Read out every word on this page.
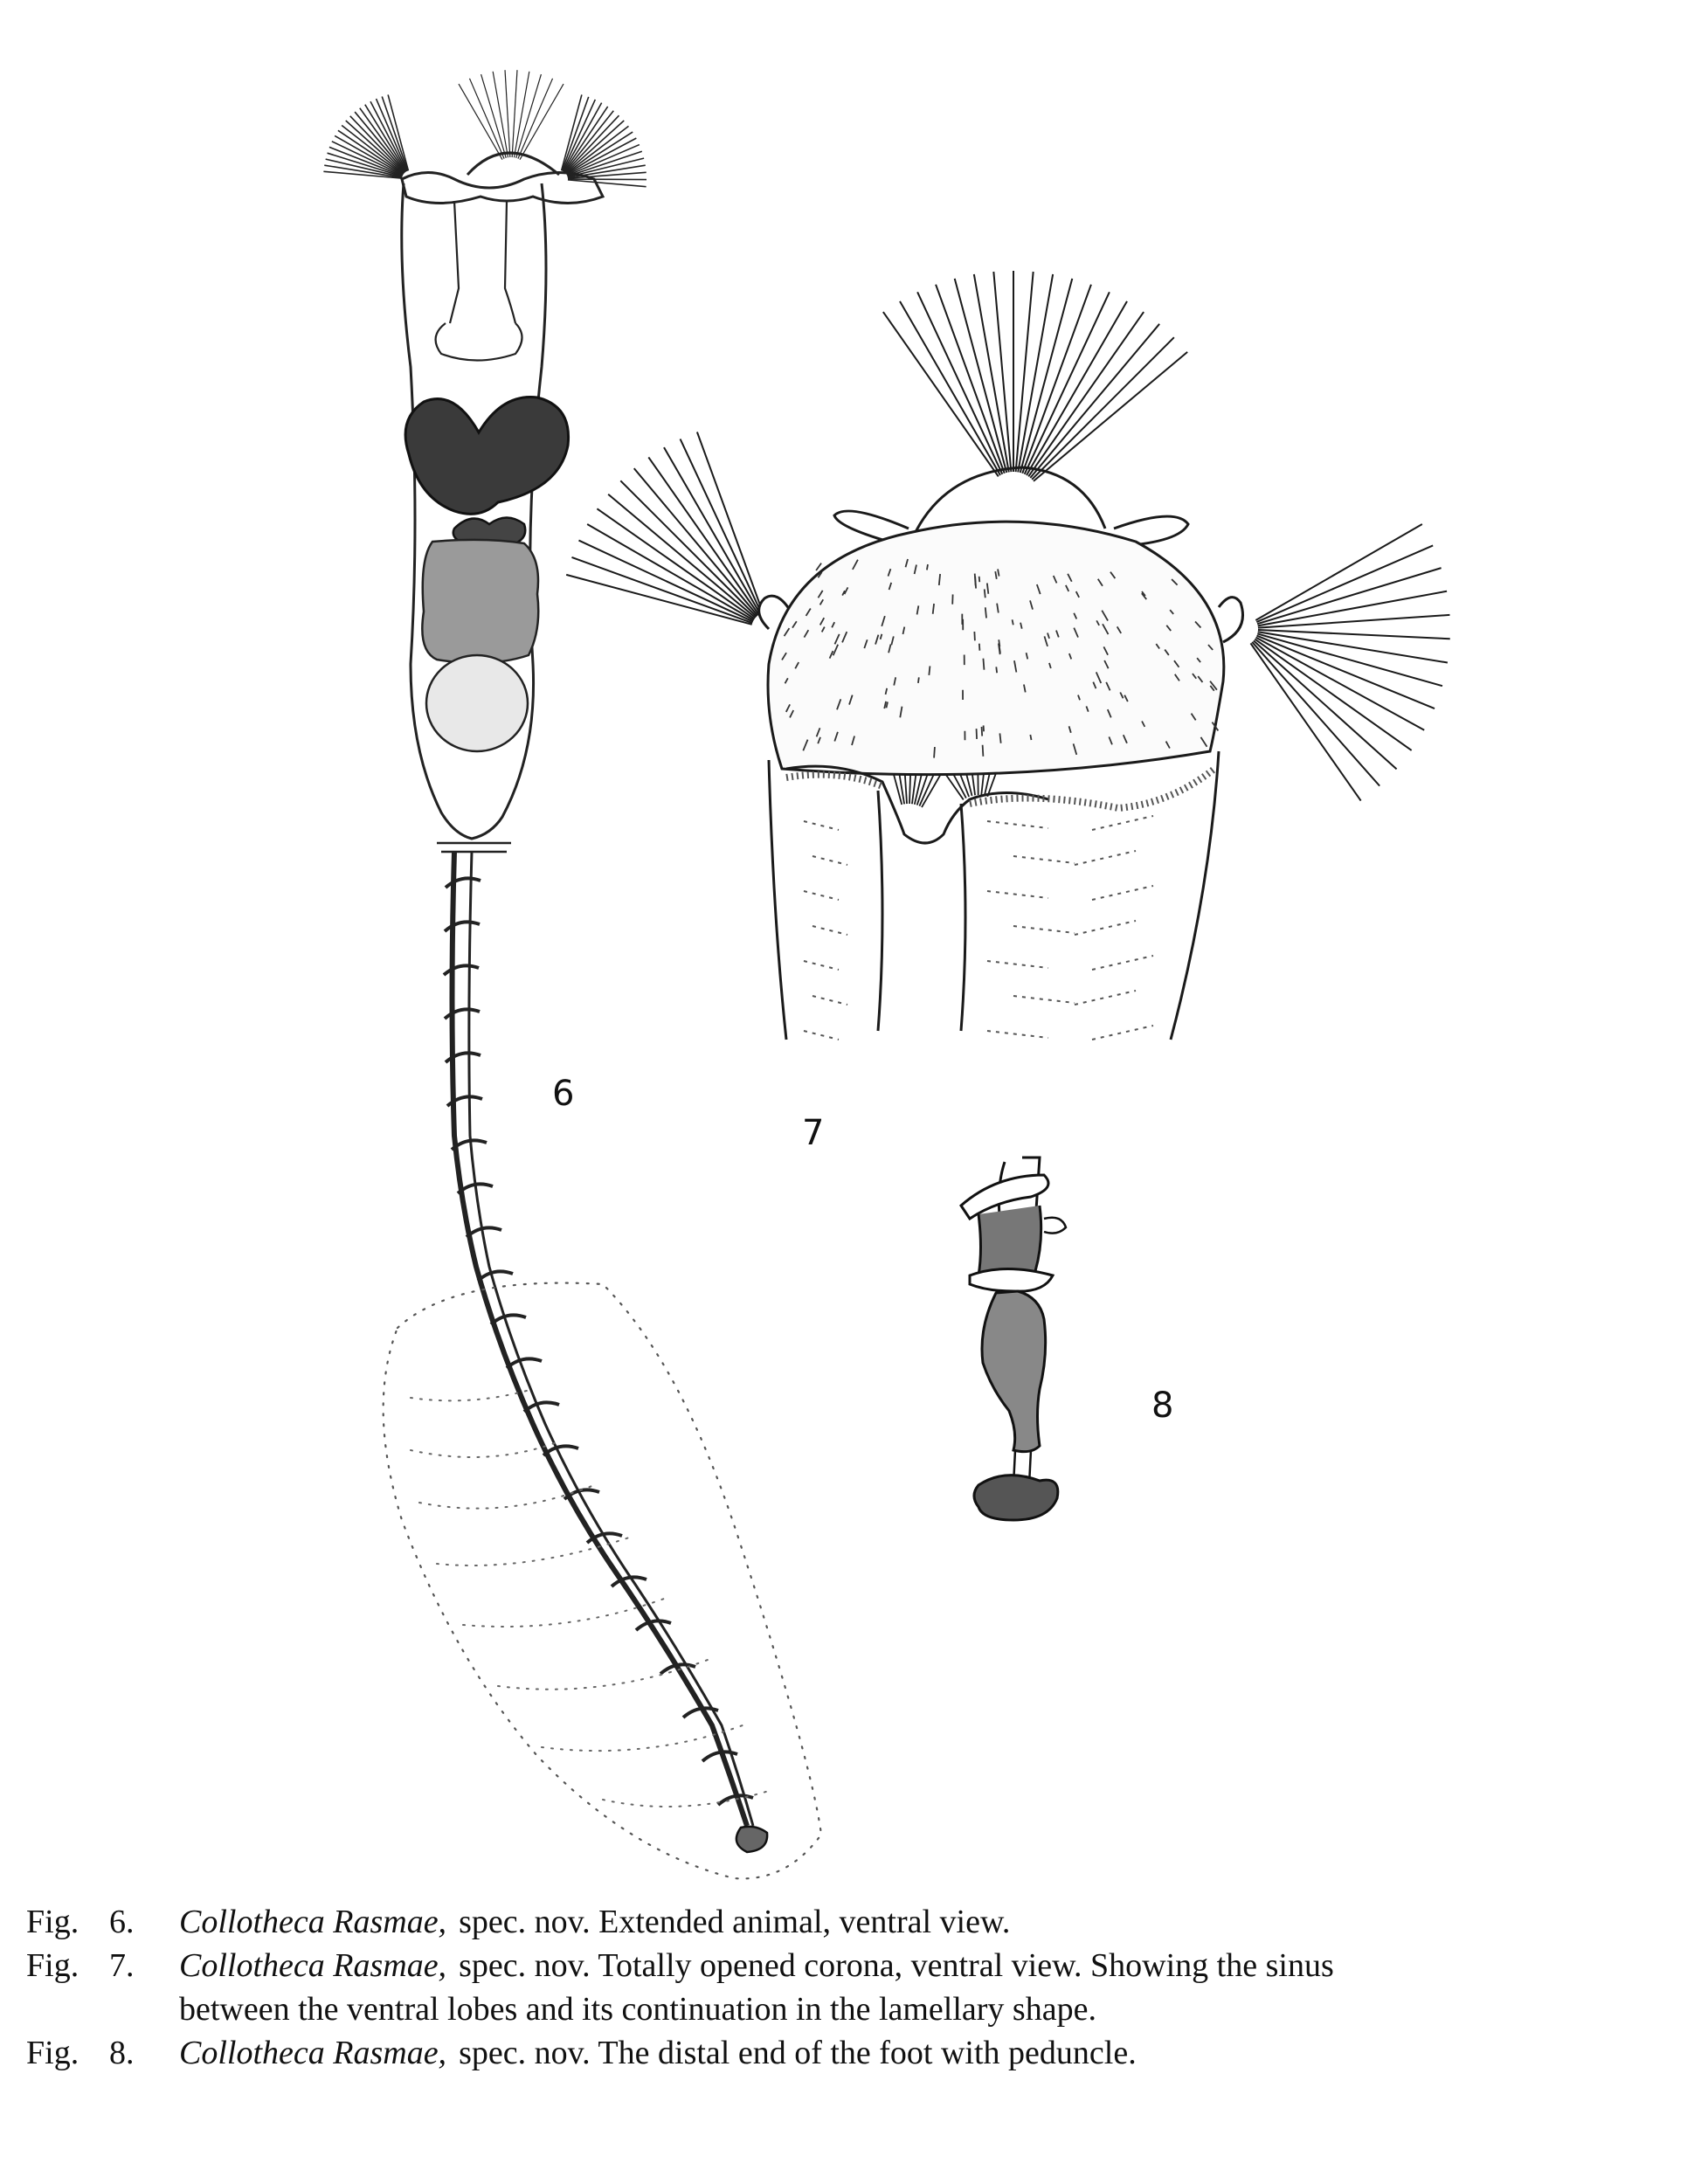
6
7
8
Fig. 6.	Collotheca Rasmae, spec. nov. Extended animal, ventral view.
Fig. 7.	Collotheca Rasmae, spec. nov. Totally opened corona, ventral view. Showing the sinus
between the ventral lobes and its continuation in the lamellary shape.
Fig. 8.	Collotheca Rasmae, spec. nov. The distal end of the foot with peduncle.
